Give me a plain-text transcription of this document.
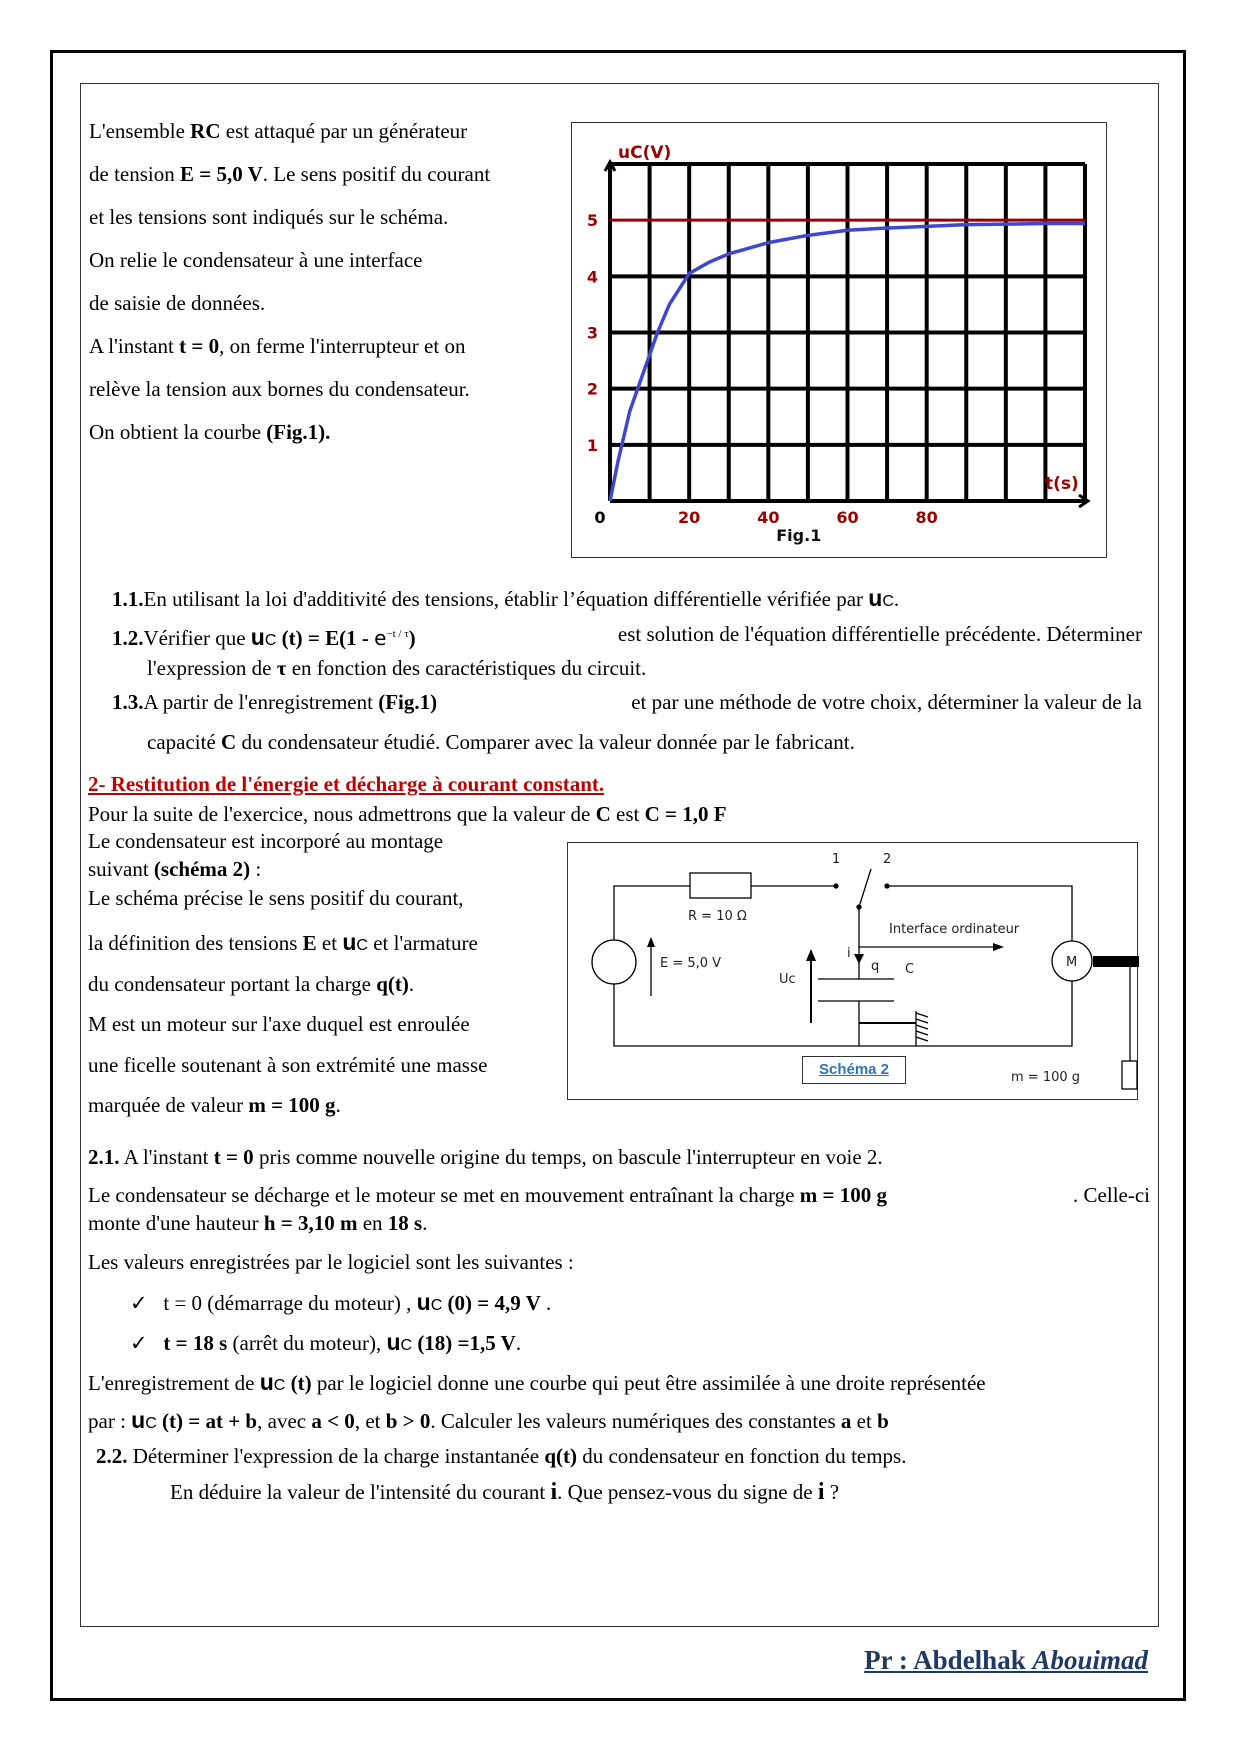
L'ensemble RC est attaqué par un générateur
de tension E = 5,0 V. Le sens positif du courant
et les tensions sont indiqués sur le schéma.
On relie le condensateur à une interface
de saisie de données.
A l'instant t = 0, on ferme l'interrupteur et on
relève la tension aux bornes du condensateur.
On obtient la courbe (Fig.1).
0	20	40	60	80
1
2
3
4
5
uC(V)
t(s)
Fig.1
1.1.En utilisant la loi d'additivité des tensions, établir l’équation différentielle vérifiée par uC.
1.2.Vérifier que uC $(t) = E(1 - e^{-t / \tau})$	est solution de l'équation différentielle précédente. Déterminer
l'expression de τ en fonction des caractéristiques du circuit.
1.3.A partir de l'enregistrement (Fig.1)	et par une méthode de votre choix, déterminer la valeur de la
capacité C du condensateur étudié. Comparer avec la valeur donnée par le fabricant.
2- Restitution de l'énergie et décharge à courant constant.
Pour la suite de l'exercice, nous admettrons que la valeur de C est C = 1,0 F
Le condensateur est incorporé au montage
suivant (schéma 2) :
Le schéma précise le sens positif du courant,
la définition des tensions E et uC et l'armature
du condensateur portant la charge q(t).
M est un moteur sur l'axe duquel est enroulée
une ficelle soutenant à son extrémité une masse
marquée de valeur m = 100 g.
R = 10 Ω
E = 5,0 V
1	2
Interface ordinateur
i
q C
Uc
M
m = 100 g
Schéma 2
2.1. A l'instant t = 0 pris comme nouvelle origine du temps, on bascule l'interrupteur en voie 2.
Le condensateur se décharge et le moteur se met en mouvement entraînant la charge m = 100 g	. Celle-ci
monte d'une hauteur h = 3,10 m en 18 s.
Les valeurs enregistrées par le logiciel sont les suivantes :
✓ t = 0 (démarrage du moteur) , uC (0) = 4,9 V .
✓ t = 18 s (arrêt du moteur), uC (18) =1,5 V.
L'enregistrement de uC (t) par le logiciel donne une courbe qui peut être assimilée à une droite représentée
par : uC (t) = at + b, avec a < 0, et b > 0. Calculer les valeurs numériques des constantes a et b
2.2. Déterminer l'expression de la charge instantanée q(t) du condensateur en fonction du temps.
En déduire la valeur de l'intensité du courant i. Que pensez-vous du signe de i ?
Pr : Abdelhak Abouimad
